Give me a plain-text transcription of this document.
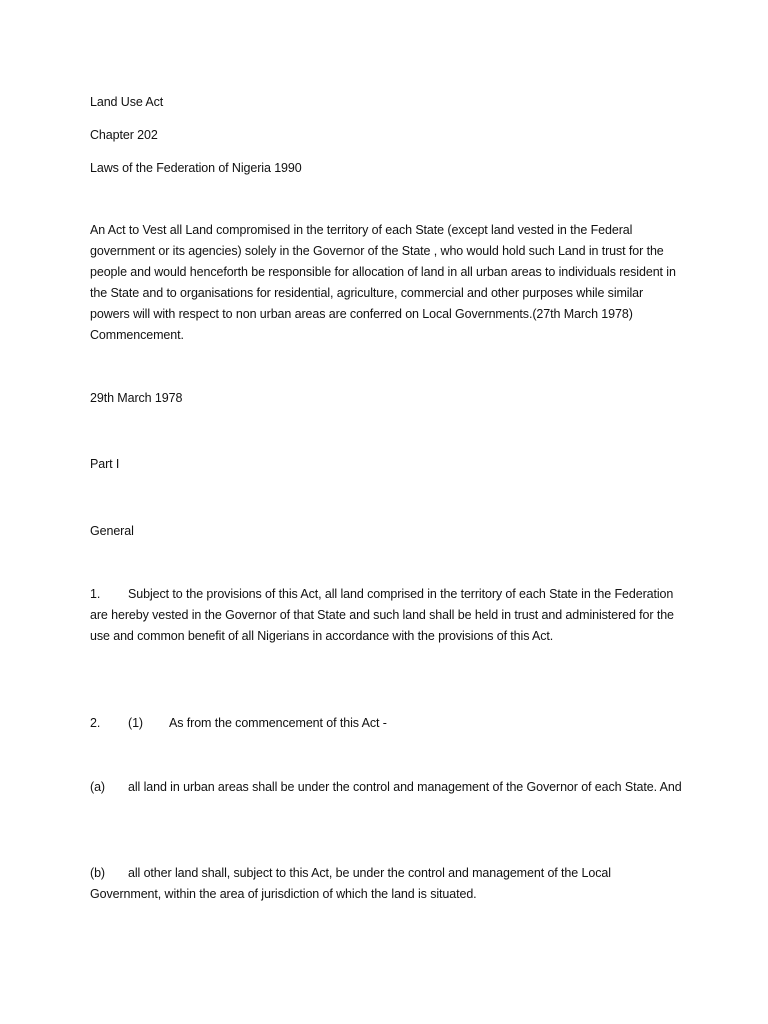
Land Use Act
Chapter 202
Laws of the Federation of Nigeria 1990
An Act to Vest all Land compromised in the territory of each State (except land vested in the Federal government or its agencies) solely in the Governor of the State , who would hold such Land in trust for the people and would henceforth be responsible for allocation of land in all urban areas to individuals resident in the State and to organisations for residential, agriculture, commercial and other purposes while similar powers will with respect to non urban areas are conferred on Local Governments.(27th March 1978) Commencement.
29th March 1978
Part I
General
1. Subject to the provisions of this Act, all land comprised in the territory of each State in the Federation are hereby vested in the Governor of that State and such land shall be held in trust and administered for the use and common benefit of all Nigerians in accordance with the provisions of this Act.
2. (1) As from the commencement of this Act -
(a) all land in urban areas shall be under the control and management of the Governor of each State. And
(b) all other land shall, subject to this Act, be under the control and management of the Local Government, within the area of jurisdiction of which the land is situated.
